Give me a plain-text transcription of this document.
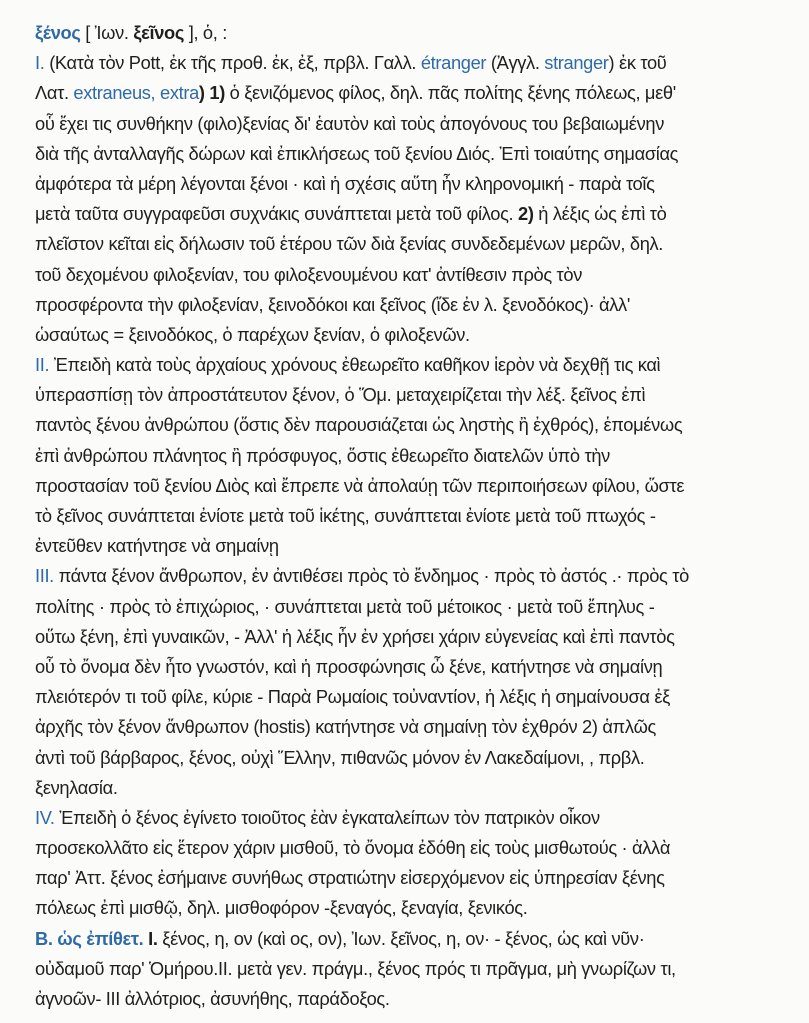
ξένος [ Ἰων. ξεῖνος ], ὁ, :
I. (Κατὰ τὸν Pott, ἐκ τῆς προθ. ἐκ, ἐξ, πρβλ. Γαλλ. étranger (Ἀγγλ. stranger) ἐκ τοῦ
Λατ. extraneus, extra) 1) ὁ ξενιζόμενος φίλος, δηλ. πᾶς πολίτης ξένης πόλεως, μεθ'
οὗ ἔχει τις συνθήκην (φιλο)ξενίας δι' ἑαυτὸν καὶ τοὺς ἀπογόνους του βεβαιωμένην
διὰ τῆς ἀνταλλαγῆς δώρων καὶ ἐπικλήσεως τοῦ ξενίου Διός. Ἐπὶ τοιαύτης σημασίας
ἀμφότερα τὰ μέρη λέγονται ξένοι · καὶ ἡ σχέσις αὕτη ἦν κληρονομική - παρὰ τοῖς
μετὰ ταῦτα συγγραφεῦσι συχνάκις συνάπτεται μετὰ τοῦ φίλος. 2) ἡ λέξις ὡς ἐπὶ τὸ
πλεῖστον κεῖται εἰς δήλωσιν τοῦ ἑτέρου τῶν διὰ ξενίας συνδεδεμένων μερῶν, δηλ.
τοῦ δεχομένου φιλοξενίαν, του φιλοξενουμένου κατ' ἀντίθεσιν πρὸς τὸν
προσφέροντα τὴν φιλοξενίαν, ξεινοδόκοι και ξεῖνος (ἴδε ἐν λ. ξενοδόκος)· ἀλλ'
ὡσαύτως = ξεινοδόκος, ὁ παρέχων ξενίαν, ὁ φιλοξενῶν.
II. Ἐπειδὴ κατὰ τοὺς ἀρχαίους χρόνους ἐθεωρεῖτο καθῆκον ἱερὸν νὰ δεχθῇ τις καὶ
ὑπερασπίσῃ τὸν ἀπροστάτευτον ξένον, ὁ Ὅμ. μεταχειρίζεται τὴν λέξ. ξεῖνος ἐπὶ
παντὸς ξένου ἀνθρώπου (ὅστις δὲν παρουσιάζεται ὡς ληστὴς ἢ ἐχθρός), ἑπομένως
ἐπὶ ἀνθρώπου πλάνητος ἢ πρόσφυγος, ὅστις ἐθεωρεῖτο διατελῶν ὑπὸ τὴν
προστασίαν τοῦ ξενίου Διὸς καὶ ἔπρεπε νὰ ἀπολαύῃ τῶν περιποιήσεων φίλου, ὥστε
τὸ ξεῖνος συνάπτεται ἐνίοτε μετὰ τοῦ ἱκέτης, συνάπτεται ἐνίοτε μετὰ τοῦ πτωχός -
ἐντεῦθεν κατήντησε νὰ σημαίνῃ
III. πάντα ξένον ἄνθρωπον, ἐν ἀντιθέσει πρὸς τὸ ἔνδημος · πρὸς τὸ ἀστός .· πρὸς τὸ
πολίτης · πρὸς τὸ ἐπιχώριος, · συνάπτεται μετὰ τοῦ μέτοικος · μετὰ τοῦ ἔπηλυς -
οὕτω ξένη, ἐπὶ γυναικῶν, - Ἀλλ' ἡ λέξις ἦν ἐν χρήσει χάριν εὐγενείας καὶ ἐπὶ παντὸς
οὗ τὸ ὄνομα δὲν ἦτο γνωστόν, καὶ ἡ προσφώνησις ὦ ξένε, κατήντησε νὰ σημαίνῃ
πλειότερόν τι τοῦ φίλε, κύριε - Παρὰ Ρωμαίοις τοὐναντίον, ἡ λέξις ἡ σημαίνουσα ἐξ
ἀρχῆς τὸν ξένον ἄνθρωπον (hostis) κατήντησε νὰ σημαίνῃ τὸν ἐχθρόν 2) ἁπλῶς
ἀντὶ τοῦ βάρβαρος, ξένος, οὐχὶ Ἕλλην, πιθανῶς μόνον ἐν Λακεδαίμονι, , πρβλ.
ξενηλασία.
IV. Ἐπειδὴ ὁ ξένος ἐγίνετο τοιοῦτος ἐὰν ἐγκαταλείπων τὸν πατρικὸν οἶκον
προσεκολλᾶτο εἰς ἕτερον χάριν μισθοῦ, τὸ ὄνομα ἐδόθη εἰς τοὺς μισθωτούς · ἀλλὰ
παρ' Ἀττ. ξένος ἐσήμαινε συνήθως στρατιώτην εἰσερχόμενον εἰς ὑπηρεσίαν ξένης
πόλεως ἐπὶ μισθῷ, δηλ. μισθοφόρον -ξεναγός, ξεναγία, ξενικός.
B. ὡς ἐπίθετ. I. ξένος, η, ον (καὶ ος, ον), Ἰων. ξεῖνος, η, ον· - ξένος, ὡς καὶ νῦν·
οὐδαμοῦ παρ' Ὁμήρου.II. μετὰ γεν. πράγμ., ξένος πρός τι πρᾶγμα, μὴ γνωρίζων τι,
ἀγνοῶν- III ἀλλότριος, ἀσυνήθης, παράδοξος.
